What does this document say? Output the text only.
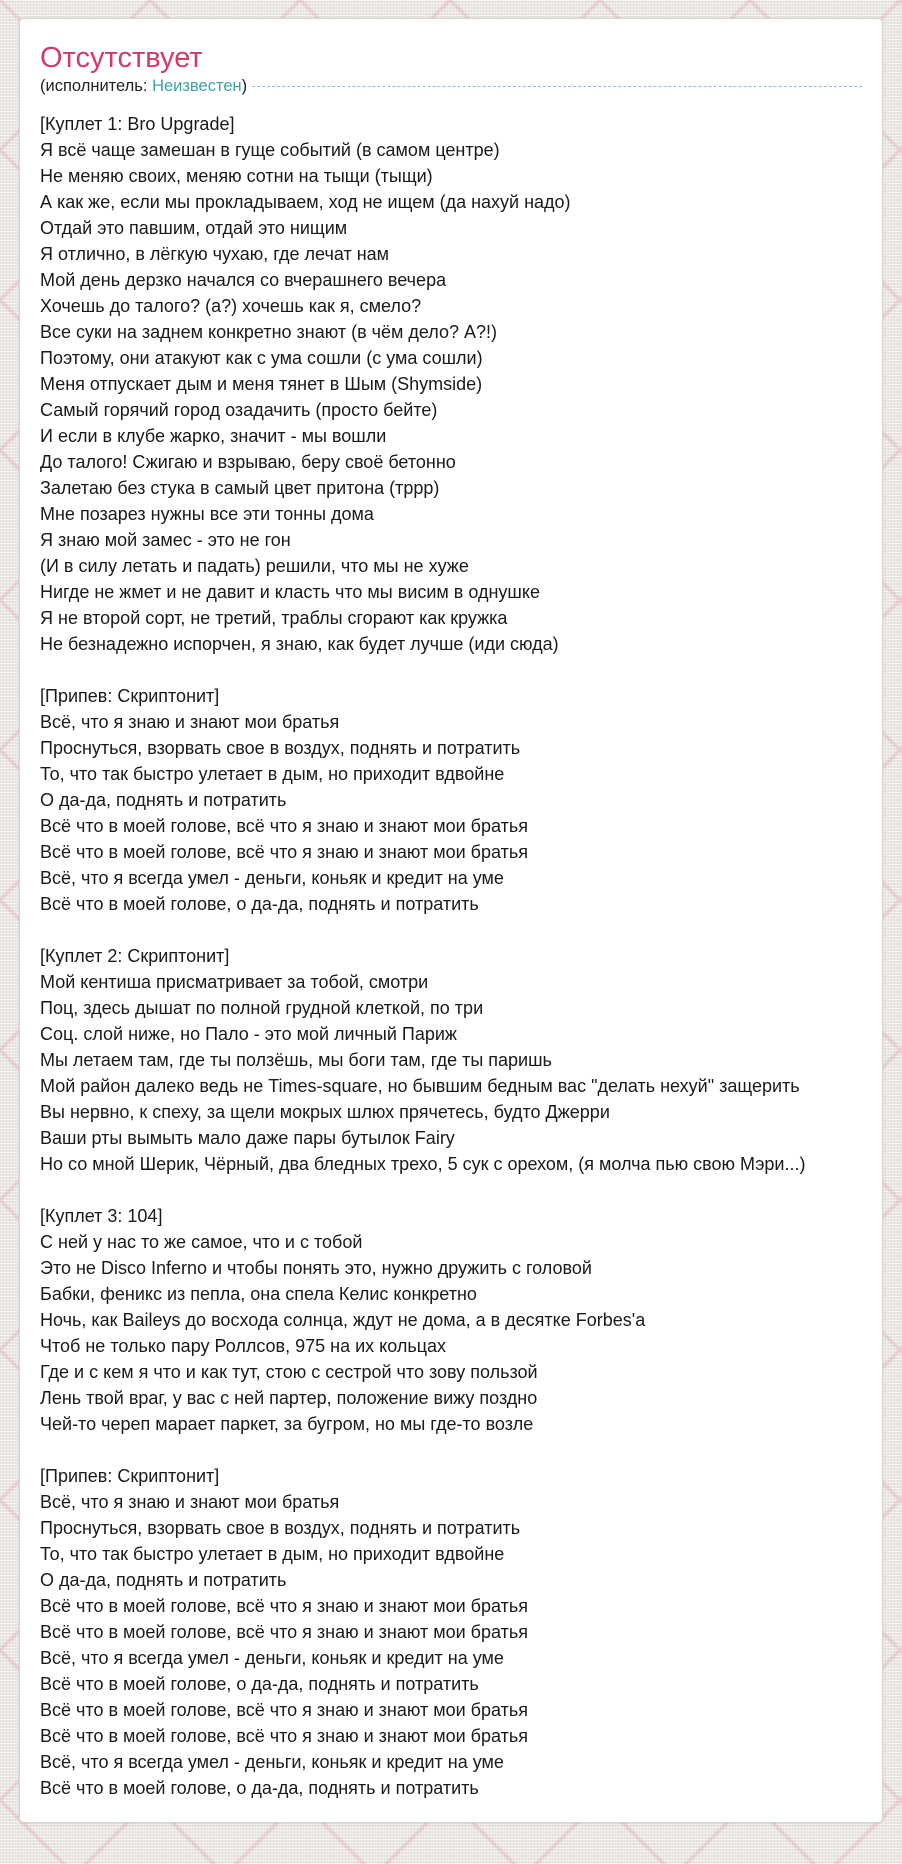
Отсутствует
(исполнитель: Неизвестен )
[Куплет 1: Bro Upgrade]
Я всё чаще замешан в гуще событий (в самом центре)
Не меняю своих, меняю сотни на тыщи (тыщи)
А как же, если мы прокладываем, ход не ищем (да нахуй надо)
Отдай это павшим, отдай это нищим
Я отлично, в лёгкую чухаю, где лечат нам
Мой день дерзко начался со вчерашнего вечера
Хочешь до талого? (а?) хочешь как я, смело?
Все суки на заднем конкретно знают (в чём дело? А?!)
Поэтому, они атакуют как с ума сошли (с ума сошли)
Меня отпускает дым и меня тянет в Шым (Shymside)
Самый горячий город озадачить (просто бейте)
И если в клубе жарко, значит - мы вошли
До талого! Сжигаю и взрываю, беру своё бетонно
Залетаю без стука в самый цвет притона (тррр)
Мне позарез нужны все эти тонны дома
Я знаю мой замес - это не гон
(И в силу летать и падать) решили, что мы не хуже
Нигде не жмет и не давит и класть что мы висим в однушке
Я не второй сорт, не третий, траблы сгорают как кружка
Не безнадежно испорчен, я знаю, как будет лучше (иди сюда)
[Припев: Скриптонит]
Всё, что я знаю и знают мои братья
Проснуться, взорвать свое в воздух, поднять и потратить
То, что так быстро улетает в дым, но приходит вдвойне
О да-да, поднять и потратить
Всё что в моей голове, всё что я знаю и знают мои братья
Всё что в моей голове, всё что я знаю и знают мои братья
Всё, что я всегда умел - деньги, коньяк и кредит на уме
Всё что в моей голове, о да-да, поднять и потратить
[Куплет 2: Скриптонит]
Мой кентиша присматривает за тобой, смотри
Поц, здесь дышат по полной грудной клеткой, по три
Соц. слой ниже, но Пало - это мой личный Париж
Мы летаем там, где ты ползёшь, мы боги там, где ты паришь
Мой район далеко ведь не Times-square, но бывшим бедным вас "делать нехуй" защерить
Вы нервно, к спеху, за щели мокрых шлюх прячетесь, будто Джерри
Ваши рты вымыть мало даже пары бутылок Fairy
Но со мной Шерик, Чёрный, два бледных трехо, 5 сук с орехом, (я молча пью свою Мэри...)
[Куплет 3: 104]
С ней у нас то же самое, что и с тобой
Это не Disco Inferno и чтобы понять это, нужно дружить с головой
Бабки, феникс из пепла, она спела Келис конкретно
Ночь, как Baileys до восхода солнца, ждут не дома, а в десятке Forbes'a
Чтоб не только пару Роллсов, 975 на их кольцах
Где и с кем я что и как тут, стою с сестрой что зову пользой
Лень твой враг, у вас с ней партер, положение вижу поздно
Чей-то череп марает паркет, за бугром, но мы где-то возле
[Припев: Скриптонит]
Всё, что я знаю и знают мои братья
Проснуться, взорвать свое в воздух, поднять и потратить
То, что так быстро улетает в дым, но приходит вдвойне
О да-да, поднять и потратить
Всё что в моей голове, всё что я знаю и знают мои братья
Всё что в моей голове, всё что я знаю и знают мои братья
Всё, что я всегда умел - деньги, коньяк и кредит на уме
Всё что в моей голове, о да-да, поднять и потратить
Всё что в моей голове, всё что я знаю и знают мои братья
Всё что в моей голове, всё что я знаю и знают мои братья
Всё, что я всегда умел - деньги, коньяк и кредит на уме
Всё что в моей голове, о да-да, поднять и потратить
